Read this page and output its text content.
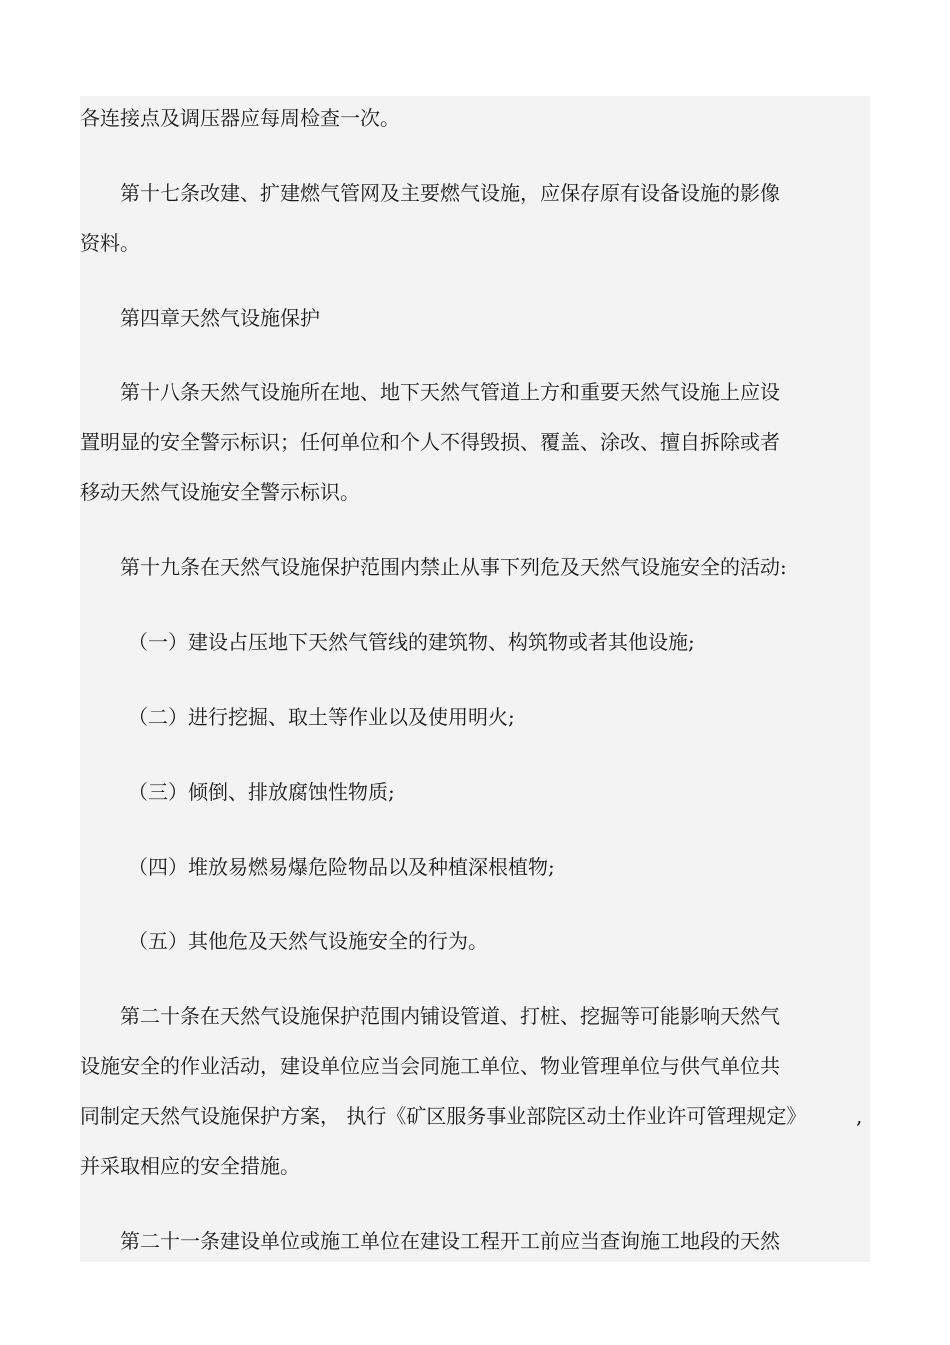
各连接点及调压器应每周检查一次。
第十七条改建、扩建燃气管网及主要燃气设施，应保存原有设备设施的影像
资料。
第四章天然气设施保护
第十八条天然气设施所在地、地下天然气管道上方和重要天然气设施上应设
置明显的安全警示标识；任何单位和个人不得毁损、覆盖、涂改、擅自拆除或者
移动天然气设施安全警示标识。
第十九条在天然气设施保护范围内禁止从事下列危及天然气设施安全的活动:
（一）建设占压地下天然气管线的建筑物、构筑物或者其他设施;
（二）进行挖掘、取土等作业以及使用明火;
（三）倾倒、排放腐蚀性物质;
（四）堆放易燃易爆危险物品以及种植深根植物;
（五）其他危及天然气设施安全的行为。
第二十条在天然气设施保护范围内铺设管道、打桩、挖掘等可能影响天然气
设施安全的作业活动，建设单位应当会同施工单位、物业管理单位与供气单位共
同制定天然气设施保护方案， 执行《矿区服务事业部院区动土作业许可管理规定》 ,
并采取相应的安全措施。
第二十一条建设单位或施工单位在建设工程开工前应当查询施工地段的天然
